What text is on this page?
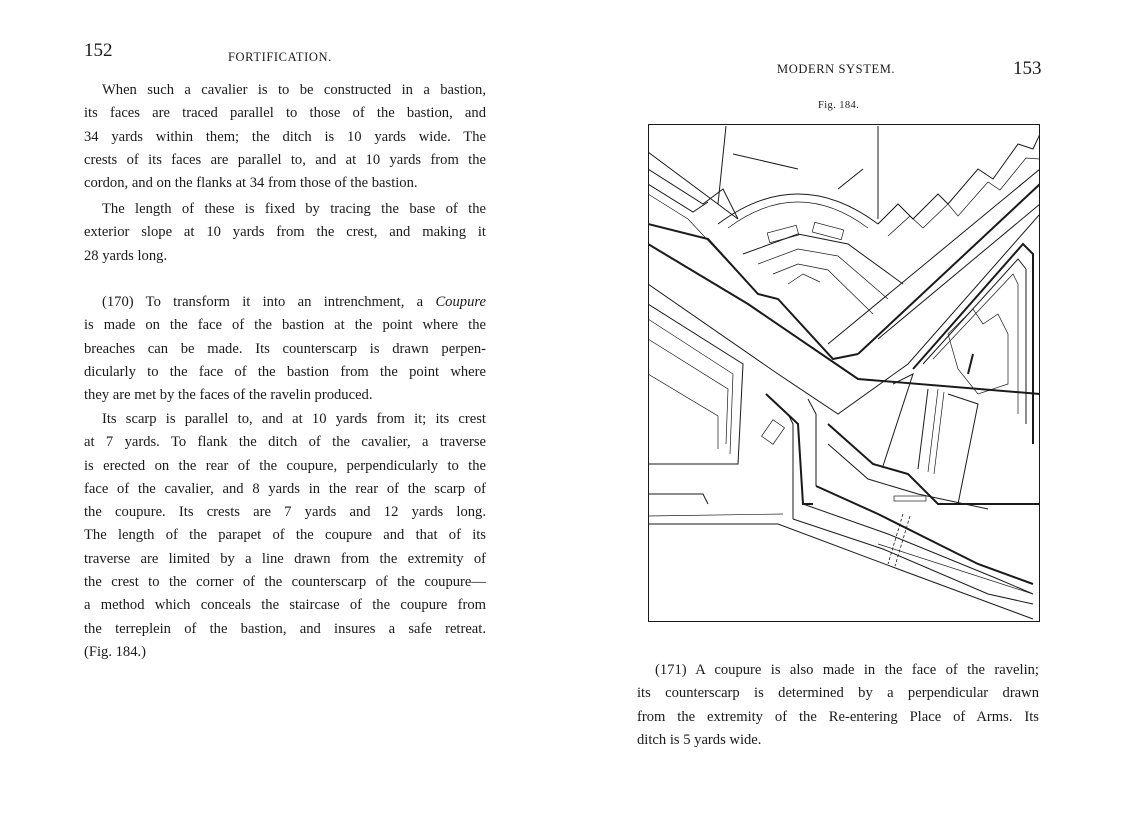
152	FORTIFICATION.
When such a cavalier is to be constructed in a bastion,
its faces are traced parallel to those of the bastion, and
34 yards within them; the ditch is 10 yards wide. The
crests of its faces are parallel to, and at 10 yards from the
cordon, and on the flanks at 34 from those of the bastion.
The length of these is fixed by tracing the base of the
exterior slope at 10 yards from the crest, and making it
28 yards long.
(170) To transform it into an intrenchment, a Coupure
is made on the face of the bastion at the point where the
breaches can be made. Its counterscarp is drawn perpen-
dicularly to the face of the bastion from the point where
they are met by the faces of the ravelin produced.
Its scarp is parallel to, and at 10 yards from it; its crest
at 7 yards. To flank the ditch of the cavalier, a traverse
is erected on the rear of the coupure, perpendicularly to the
face of the cavalier, and 8 yards in the rear of the scarp of
the coupure. Its crests are 7 yards and 12 yards long.
The length of the parapet of the coupure and that of its
traverse are limited by a line drawn from the extremity of
the crest to the corner of the counterscarp of the coupure—
a method which conceals the staircase of the coupure from
the terreplein of the bastion, and insures a safe retreat.
(Fig. 184.)
MODERN SYSTEM.	153
Fig. 184.
(171) A coupure is also made in the face of the ravelin;
its counterscarp is determined by a perpendicular drawn
from the extremity of the Re-entering Place of Arms. Its
ditch is 5 yards wide.
